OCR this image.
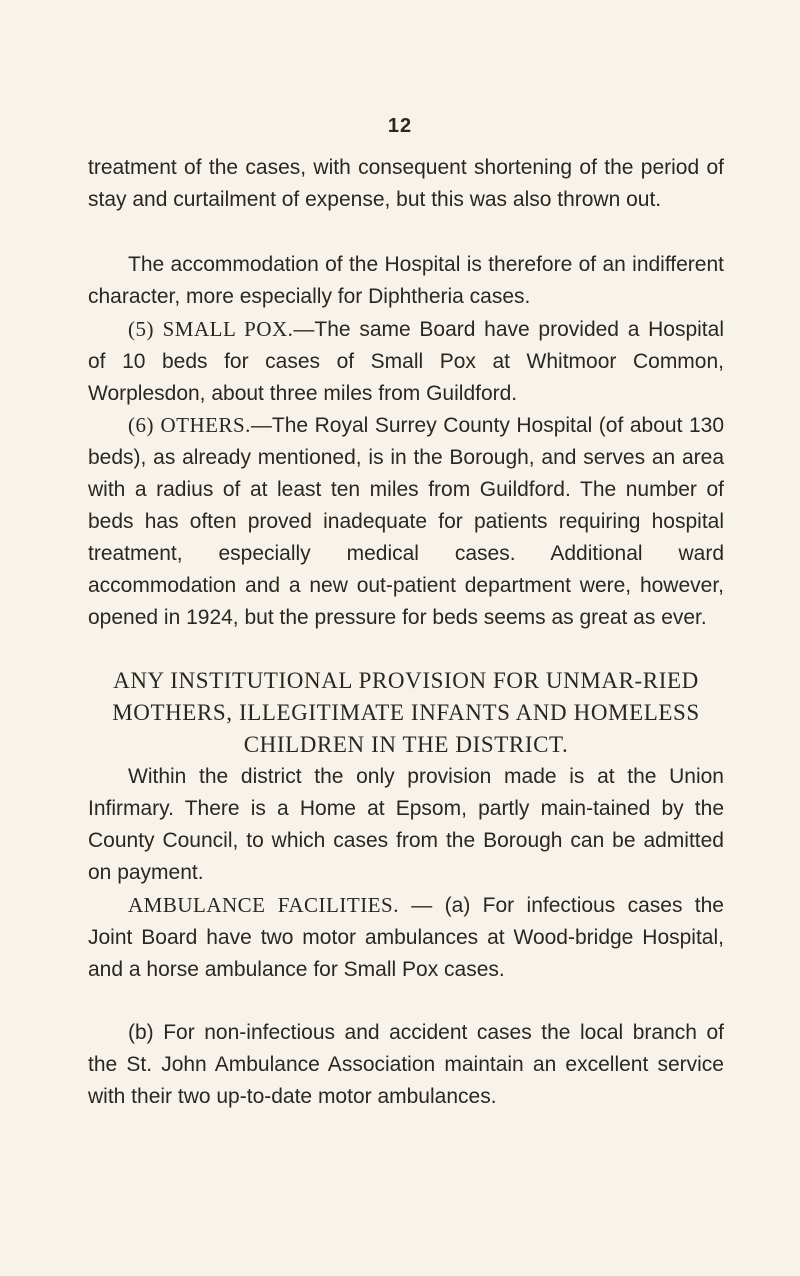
12

treatment of the cases, with consequent shortening of the period of stay and curtailment of expense, but this was also thrown out.

The accommodation of the Hospital is therefore of an indifferent character, more especially for Diphtheria cases.

(5) SMALL POX.—The same Board have provided a Hospital of 10 beds for cases of Small Pox at Whitmoor Common, Worplesdon, about three miles from Guildford.

(6) OTHERS.—The Royal Surrey County Hospital (of about 130 beds), as already mentioned, is in the Borough, and serves an area with a radius of at least ten miles from Guildford. The number of beds has often proved inadequate for patients requiring hospital treatment, especially medical cases. Additional ward accommodation and a new out-patient department were, however, opened in 1924, but the pressure for beds seems as great as ever.

ANY INSTITUTIONAL PROVISION FOR UNMAR-RIED MOTHERS, ILLEGITIMATE INFANTS AND HOMELESS CHILDREN IN THE DISTRICT.

Within the district the only provision made is at the Union Infirmary. There is a Home at Epsom, partly main-tained by the County Council, to which cases from the Borough can be admitted on payment.

AMBULANCE FACILITIES. — (a) For infectious cases the Joint Board have two motor ambulances at Wood-bridge Hospital, and a horse ambulance for Small Pox cases.

(b) For non-infectious and accident cases the local branch of the St. John Ambulance Association maintain an excellent service with their two up-to-date motor ambulances.
